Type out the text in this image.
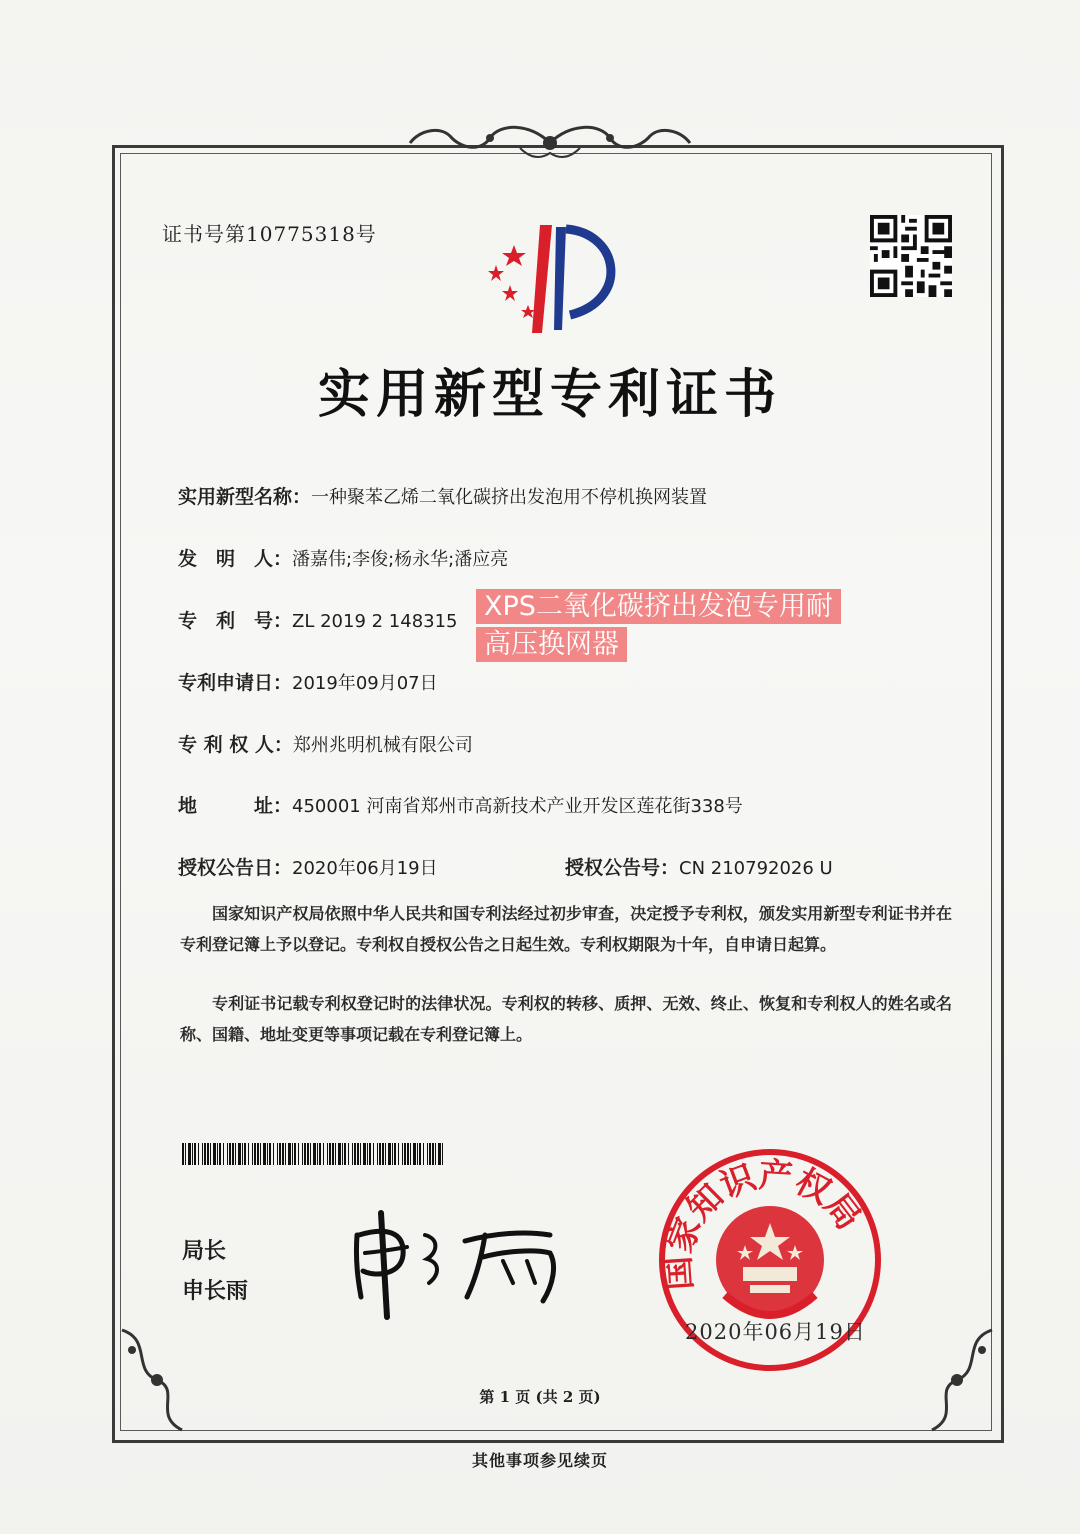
证书号第10775318号
实用新型专利证书
实用新型名称：一种聚苯乙烯二氧化碳挤出发泡用不停机换网装置
发　明　人：潘嘉伟;李俊;杨永华;潘应亮
专　利　号：ZL 2019 2 148315
专利申请日：2019年09月07日
专 利 权 人：郑州兆明机械有限公司
地　　　址：450001 河南省郑州市高新技术产业开发区莲花街338号
授权公告日：2020年06月19日	授权公告号：CN 210792026 U
XPS二氧化碳挤出发泡专用耐
高压换网器
国家知识产权局依照中华人民共和国专利法经过初步审查，决定授予专利权，颁发实用新型专利证书并在专利登记簿上予以登记。专利权自授权公告之日起生效。专利权期限为十年，自申请日起算。
专利证书记载专利权登记时的法律状况。专利权的转移、质押、无效、终止、恢复和专利权人的姓名或名称、国籍、地址变更等事项记载在专利登记簿上。
局长
申长雨
国家知识产权局
2020年06月19日
第 1 页 (共 2 页)
其他事项参见续页
